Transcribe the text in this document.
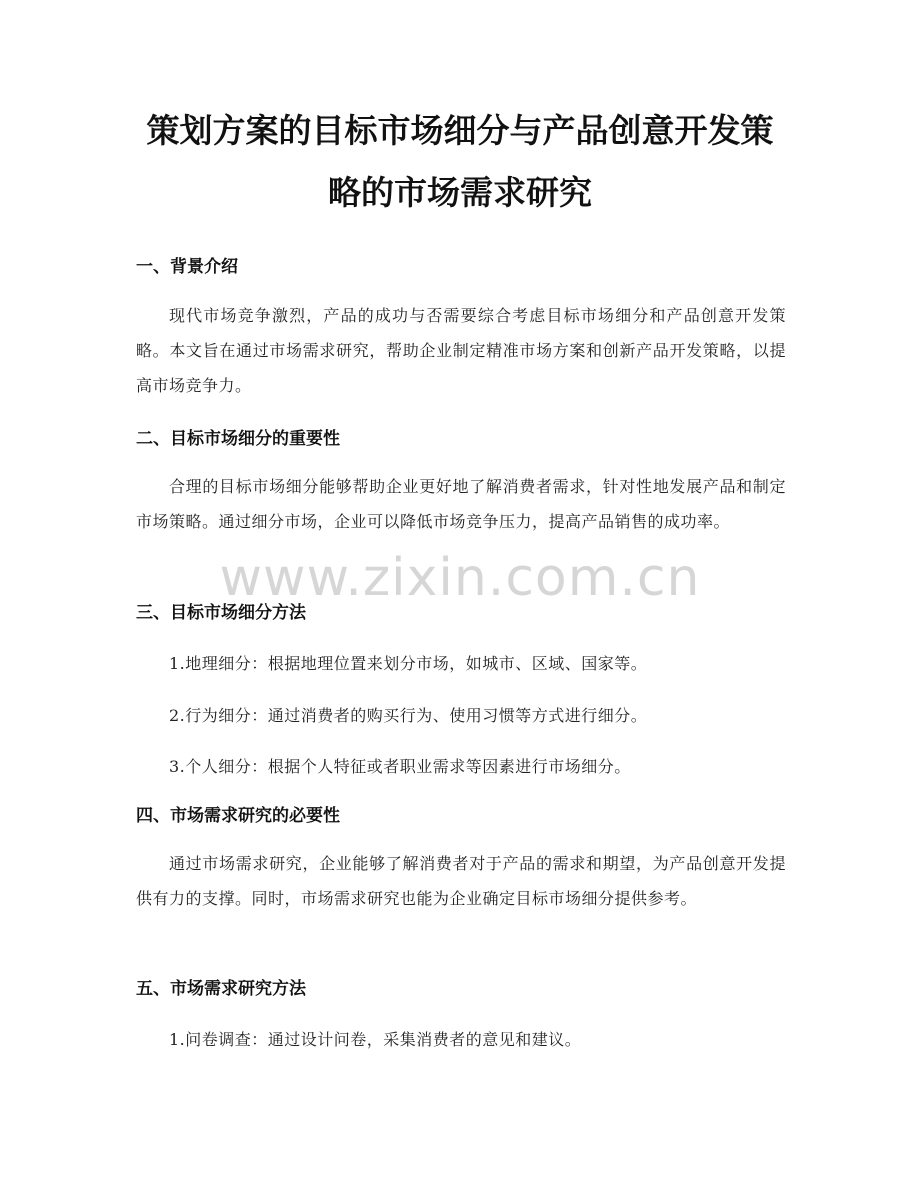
策划方案的目标市场细分与产品创意开发策
略的市场需求研究
一、背景介绍
现代市场竞争激烈，产品的成功与否需要综合考虑目标市场细分和产品创意开发策略。本文旨在通过市场需求研究，帮助企业制定精准市场方案和创新产品开发策略，以提高市场竞争力。
二、目标市场细分的重要性
合理的目标市场细分能够帮助企业更好地了解消费者需求，针对性地发展产品和制定市场策略。通过细分市场，企业可以降低市场竞争压力，提高产品销售的成功率。
www.zixin.com.cn
三、目标市场细分方法
1.地理细分：根据地理位置来划分市场，如城市、区域、国家等。
2.行为细分：通过消费者的购买行为、使用习惯等方式进行细分。
3.个人细分：根据个人特征或者职业需求等因素进行市场细分。
四、市场需求研究的必要性
通过市场需求研究，企业能够了解消费者对于产品的需求和期望，为产品创意开发提供有力的支撑。同时，市场需求研究也能为企业确定目标市场细分提供参考。
五、市场需求研究方法
1.问卷调查：通过设计问卷，采集消费者的意见和建议。
